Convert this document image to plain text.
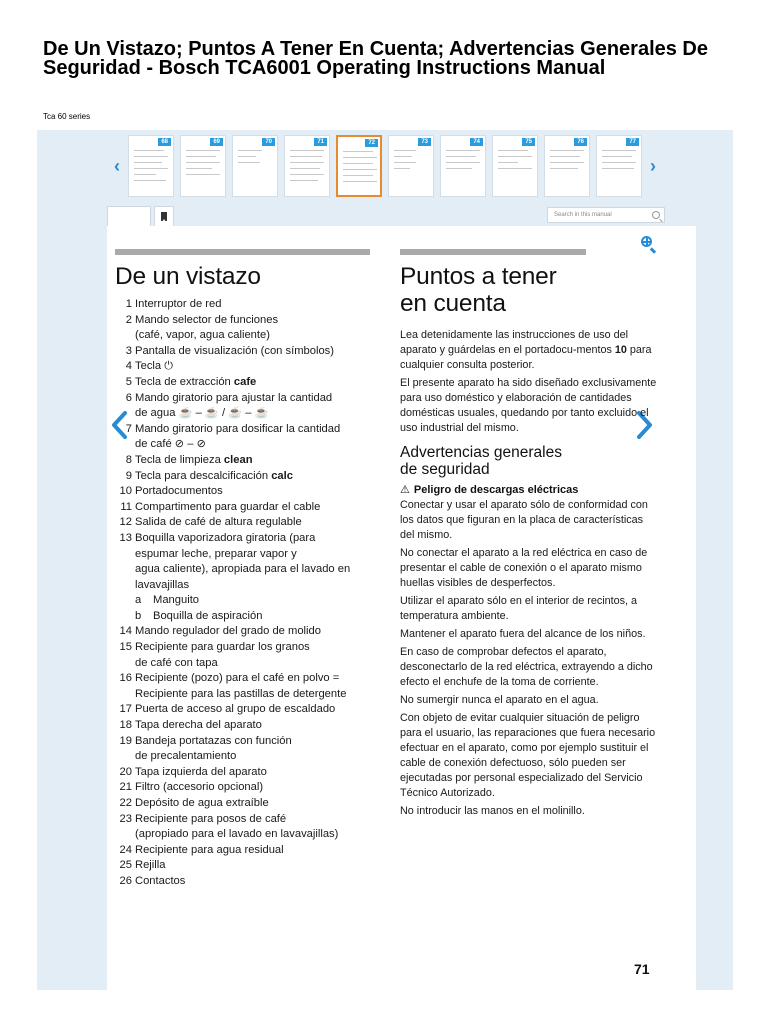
De Un Vistazo; Puntos A Tener En Cuenta; Advertencias Generales De Seguridad - Bosch TCA6001 Operating Instructions Manual
Tca 60 series
‹
68	69	70	71	72	73	74	75	76	77
›
Search in this manual
De un vistazo
1 Interruptor de red
2 Mando selector de funciones
(café, vapor, agua caliente)
3 Pantalla de visualización (con símbolos)
4 Tecla ⏻
5 Tecla de extracción cafe
6 Mando giratorio para ajustar la cantidad
de agua ☕ – ☕ / ☕ – ☕
7 Mando giratorio para dosificar la cantidad
de café ⊘ – ⊘
8 Tecla de limpieza clean
9 Tecla para descalcificación calc
10 Portadocumentos
11 Compartimento para guardar el cable
12 Salida de café de altura regulable
13 Boquilla vaporizadora giratoria (para
espumar leche, preparar vapor y
agua caliente), apropiada para el lavado en
lavavajillas
a Manguito
b Boquilla de aspiración
14 Mando regulador del grado de molido
15 Recipiente para guardar los granos
de café con tapa
16 Recipiente (pozo) para el café en polvo =
Recipiente para las pastillas de detergente
17 Puerta de acceso al grupo de escaldado
18 Tapa derecha del aparato
19 Bandeja portatazas con función
de precalentamiento
20 Tapa izquierda del aparato
21 Filtro (accesorio opcional)
22 Depósito de agua extraíble
23 Recipiente para posos de café
(apropiado para el lavado en lavavajillas)
24 Recipiente para agua residual
25 Rejilla
26 Contactos
Puntos a tener
en cuenta
Lea detenidamente las instrucciones de uso del aparato y guárdelas en el portadocu-mentos 10 para cualquier consulta posterior.
El presente aparato ha sido diseñado exclusivamente para uso doméstico y elaboración de cantidades domésticas usuales, quedando por tanto excluido el uso industrial del mismo.
Advertencias generales
de seguridad
⚠ Peligro de descargas eléctricas
Conectar y usar el aparato sólo de conformidad con los datos que figuran en la placa de características del mismo.
No conectar el aparato a la red eléctrica en caso de presentar el cable de conexión o el aparato mismo huellas visibles de desperfectos.
Utilizar el aparato sólo en el interior de recintos, a temperatura ambiente.
Mantener el aparato fuera del alcance de los niños.
En caso de comprobar defectos el aparato, desconectarlo de la red eléctrica, extrayendo a dicho efecto el enchufe de la toma de corriente.
No sumergir nunca el aparato en el agua.
Con objeto de evitar cualquier situación de peligro para el usuario, las reparaciones que fuera necesario efectuar en el aparato, como por ejemplo sustituir el cable de conexión defectuoso, sólo pueden ser ejecutadas por personal especializado del Servicio Técnico Autorizado.
No introducir las manos en el molinillo.
71
